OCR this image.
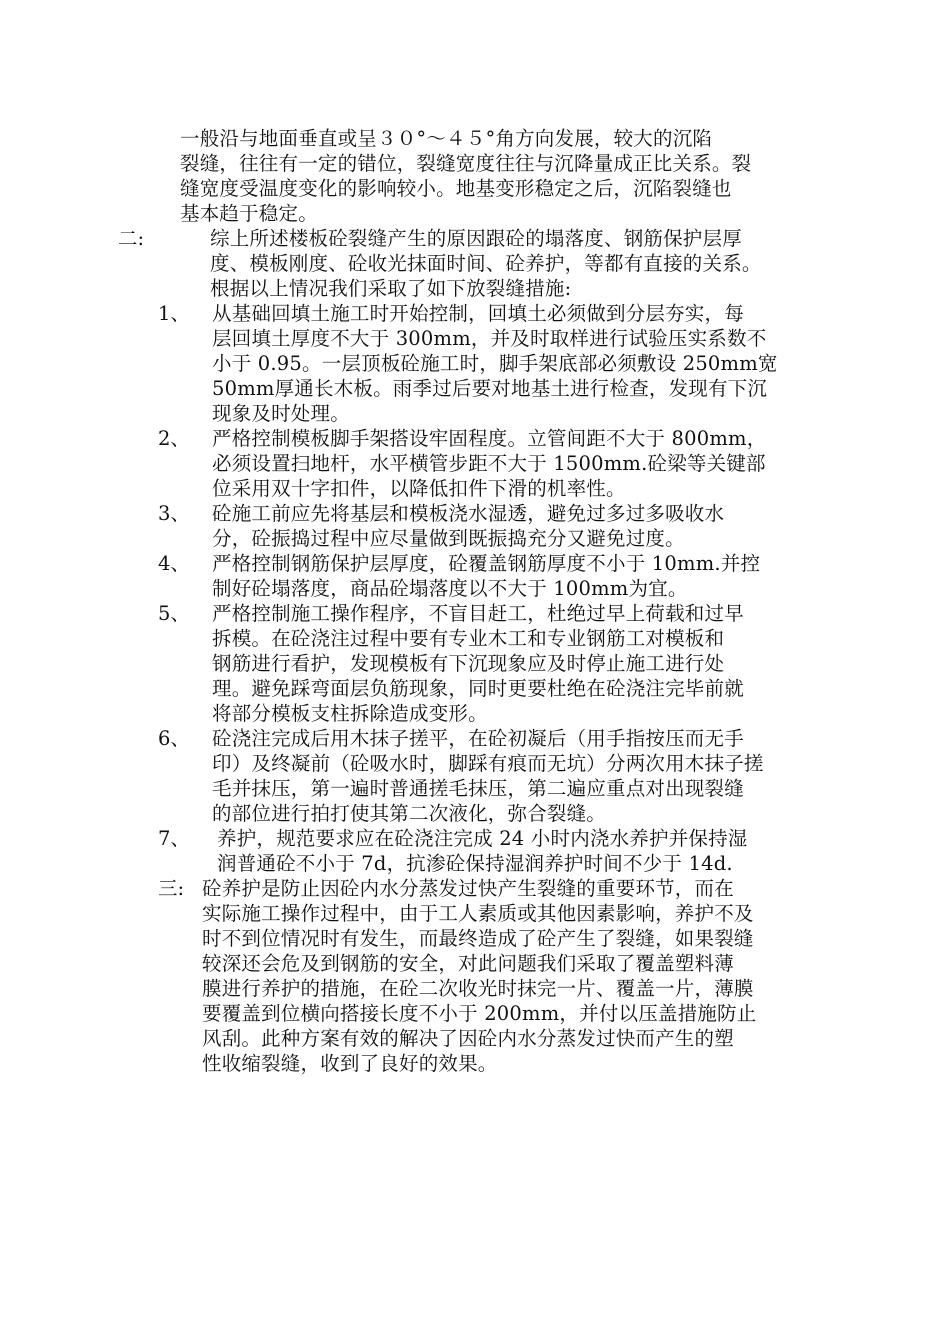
一般沿与地面垂直或呈３０°～４５°角方向发展，较大的沉陷
裂缝，往往有一定的错位，裂缝宽度往往与沉降量成正比关系。裂
缝宽度受温度变化的影响较小。地基变形稳定之后，沉陷裂缝也
基本趋于稳定。
二:	综上所述楼板砼裂缝产生的原因跟砼的塌落度、钢筋保护层厚
度、模板刚度、砼收光抹面时间、砼养护，等都有直接的关系。
根据以上情况我们采取了如下放裂缝措施:
1、 从基础回填土施工时开始控制，回填土必须做到分层夯实，每
层回填土厚度不大于 300mm，并及时取样进行试验压实系数不
小于 0.95。一层顶板砼施工时，脚手架底部必须敷设 250mm宽
50mm厚通长木板。雨季过后要对地基土进行检查，发现有下沉
现象及时处理。
2、 严格控制模板脚手架搭设牢固程度。立管间距不大于 800mm，
必须设置扫地杆，水平横管步距不大于 1500mm.砼梁等关键部
位采用双十字扣件，以降低扣件下滑的机率性。
3、 砼施工前应先将基层和模板浇水湿透，避免过多过多吸收水
分，砼振捣过程中应尽量做到既振捣充分又避免过度。
4、 严格控制钢筋保护层厚度，砼覆盖钢筋厚度不小于 10mm.并控
制好砼塌落度，商品砼塌落度以不大于 100mm为宜。
5、 严格控制施工操作程序，不盲目赶工，杜绝过早上荷载和过早
拆模。在砼浇注过程中要有专业木工和专业钢筋工对模板和
钢筋进行看护，发现模板有下沉现象应及时停止施工进行处
理。避免踩弯面层负筋现象，同时更要杜绝在砼浇注完毕前就
将部分模板支柱拆除造成变形。
6、 砼浇注完成后用木抹子搓平，在砼初凝后（用手指按压而无手
印）及终凝前（砼吸水时，脚踩有痕而无坑）分两次用木抹子搓
毛并抹压，第一遍时普通搓毛抹压，第二遍应重点对出现裂缝
的部位进行拍打使其第二次液化，弥合裂缝。
7、 养护，规范要求应在砼浇注完成 24 小时内浇水养护并保持湿
润普通砼不小于 7d，抗渗砼保持湿润养护时间不少于 14d.
三: 砼养护是防止因砼内水分蒸发过快产生裂缝的重要环节，而在
实际施工操作过程中，由于工人素质或其他因素影响，养护不及
时不到位情况时有发生，而最终造成了砼产生了裂缝，如果裂缝
较深还会危及到钢筋的安全，对此问题我们采取了覆盖塑料薄
膜进行养护的措施，在砼二次收光时抹完一片、覆盖一片，薄膜
要覆盖到位横向搭接长度不小于 200mm，并付以压盖措施防止
风刮。此种方案有效的解决了因砼内水分蒸发过快而产生的塑
性收缩裂缝，收到了良好的效果。
